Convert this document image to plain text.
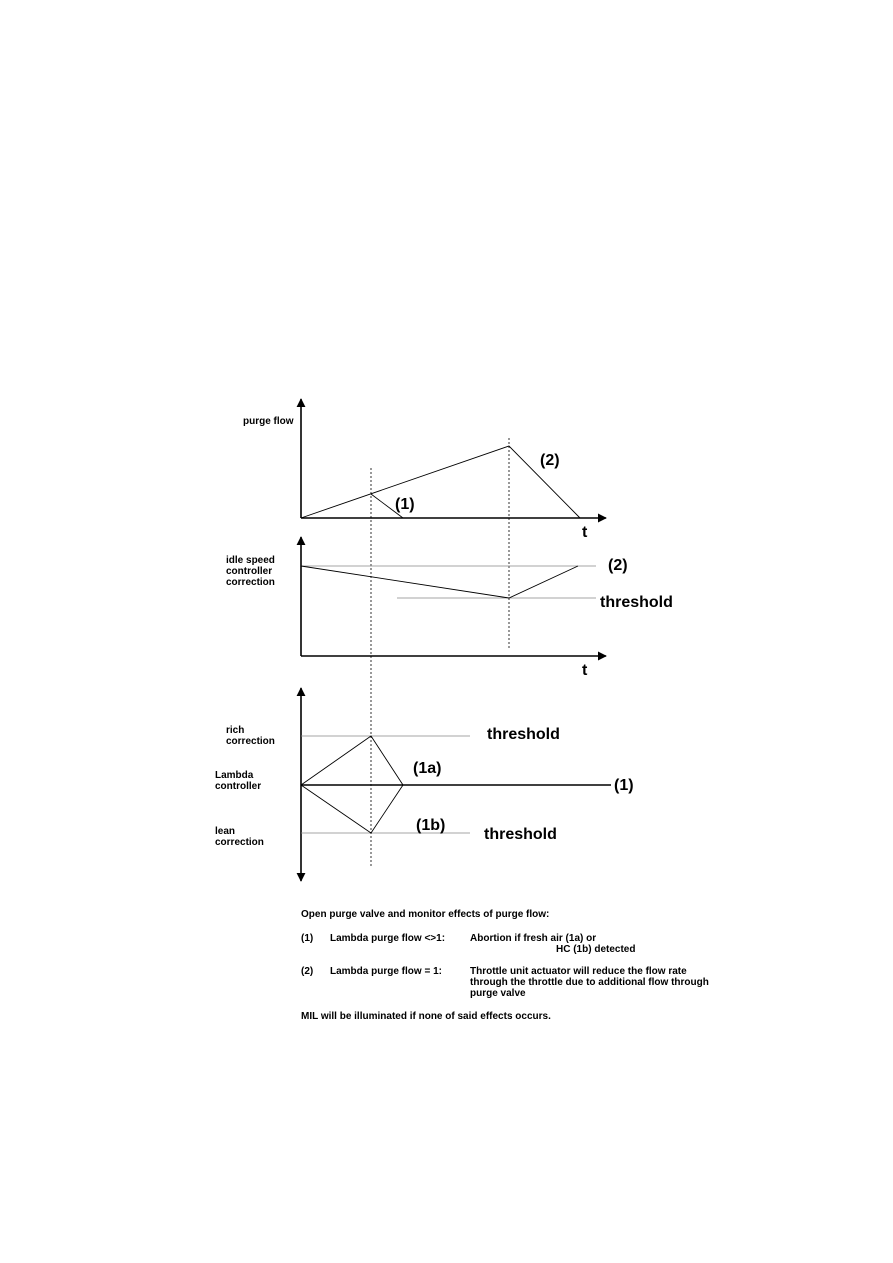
purge flow
(1)
(2)
t
idle speed
controller
correction
(2)
threshold
t
rich
correction
Lambda
controller
lean
correction
threshold
(1a)
(1)
(1b)
threshold
Open purge valve and monitor effects of purge flow:
(1) Lambda purge flow <>1: Abortion if fresh air (1a) or
HC (1b) detected
(2) Lambda purge flow = 1:	Throttle unit actuator will reduce the flow rate
through the throttle due to additional flow through
purge valve
MIL will be illuminated if none of said effects occurs.
